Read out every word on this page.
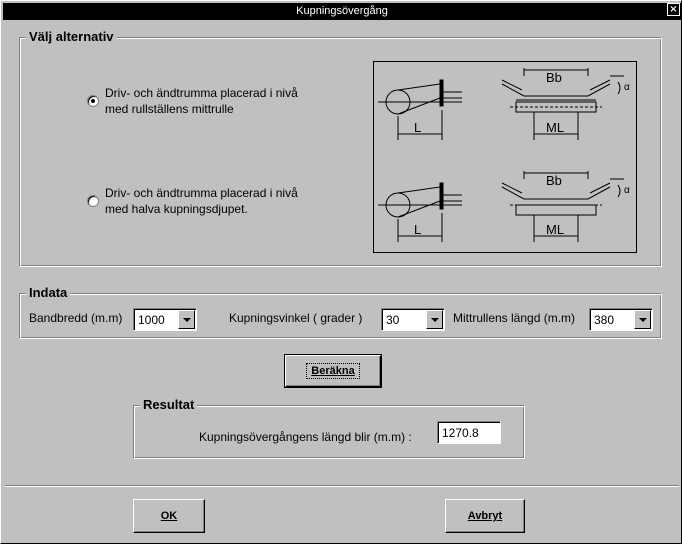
Kupningsövergång	×
Välj alternativ
Driv- och ändtrumma placerad i nivå med rullställens mittrulle
Driv- och ändtrumma placerad i nivå med halva kupningsdjupet.
L
Bb
ML
α
L
Bb
ML
α
Indata
Bandbredd (m.m) 1000	Kupningsvinkel ( grader ) 30	Mittrullens längd (m.m) 380
Beräkna
Resultat
Kupningsövergångens längd blir (m.m) :	1270.8
OK	Avbryt
